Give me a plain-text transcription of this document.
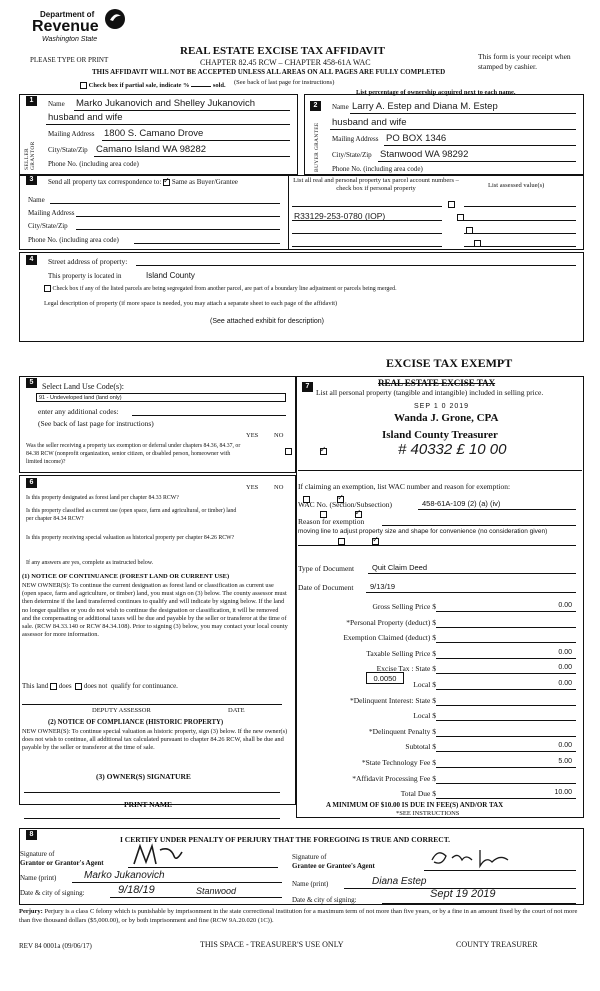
Department of
Revenue
Washington State
PLEASE TYPE OR PRINT
REAL ESTATE EXCISE TAX AFFIDAVIT
CHAPTER 82.45 RCW – CHAPTER 458-61A WAC
THIS AFFIDAVIT WILL NOT BE ACCEPTED UNLESS ALL AREAS ON ALL PAGES ARE FULLY COMPLETED
This form is your receipt when stamped by cashier.
Check box if partial sale, indicate %	sold. (See back of last page for instructions)
List percentage of ownership acquired next to each name.
1
SELLER GRANTOR
Name Marko Jukanovich and Shelley Jukanovich
husband and wife
Mailing Address 1800 S. Camano Drove
City/State/Zip Camano Island WA 98282
Phone No. (including area code)
2
BUYER GRANTEE
Name Larry A. Estep and Diana M. Estep
husband and wife
Mailing Address PO BOX 1346
City/State/Zip Stanwood WA 98292
Phone No. (including area code)
3	Send all property tax correspondence to: ✓ Same as Buyer/Grantee
Name
Mailing Address
City/State/Zip
Phone No. (including area code)
List all real and personal property tax parcel account numbers – check box if personal property	List assessed value(s)
R33129-253-0780 (IOP)

4	Street address of property:
This property is located in	Island County
Check box if any of the listed parcels are being segregated from another parcel, are part of a boundary line adjustment or parcels being merged.
Legal description of property (if more space is needed, you may attach a separate sheet to each page of the affidavit)
(See attached exhibit for description)
EXCISE TAX EXEMPT
REAL ESTATE EXCISE TAX
SEP 1 0 2019
Wanda J. Grone, CPA
Island County Treasurer
# 40332 £ 10 00
5	Select Land Use Code(s):
91 - Undeveloped land (land only)
enter any additional codes:
(See back of last page for instructions)
YES NO
Was the seller receiving a property tax exemption or deferral under chapters 84.36, 84.37, or 84.38 RCW (nonprofit organization, senior citizen, or disabled person, homeowner with limited income)?
✓
6
YES NO
Is this property designated as forest land per chapter 84.33 RCW?
✓
Is this property classified as current use (open space, farm and agricultural, or timber) land per chapter 84.34 RCW?
✓
Is this property receiving special valuation as historical property per chapter 84.26 RCW?
✓
If any answers are yes, complete as instructed below.
(1) NOTICE OF CONTINUANCE (FOREST LAND OR CURRENT USE)
NEW OWNER(S): To continue the current designation as forest land or classification as current use (open space, farm and agriculture, or timber) land, you must sign on (3) below. The county assessor must then determine if the land transferred continues to qualify and will indicate by signing below. If the land no longer qualifies or you do not wish to continue the designation or classification, it will be removed and the compensating or additional taxes will be due and payable by the seller or transferor at the time of sale. (RCW 84.33.140 or RCW 84.34.108). Prior to signing (3) below, you may contact your local county assessor for more information.
This land does does not qualify for continuance.
DEPUTY ASSESSOR	DATE
(2) NOTICE OF COMPLIANCE (HISTORIC PROPERTY)
NEW OWNER(S): To continue special valuation as historic property, sign (3) below. If the new owner(s) does not wish to continue, all additional tax calculated pursuant to chapter 84.26 RCW, shall be due and payable by the seller or transferor at the time of sale.
(3) OWNER(S) SIGNATURE
PRINT NAME
7
List all personal property (tangible and intangible) included in selling price.
If claiming an exemption, list WAC number and reason for exemption:
WAC No. (Section/Subsection)	458-61A-109 (2) (a) (iv)
Reason for exemption
moving line to adjust property size and shape for convenience (no consideration given)
Type of Document Quit Claim Deed
Date of Document 9/13/19
Gross Selling Price $	0.00
*Personal Property (deduct) $
Exemption Claimed (deduct) $
Taxable Selling Price $	0.00
Excise Tax : State $	0.00
Local $	0.00
*Delinquent Interest: State $
Local $
*Delinquent Penalty $
Subtotal $	0.00
*State Technology Fee $	5.00
*Affidavit Processing Fee $
Total Due $	10.00
0.0050
A MINIMUM OF $10.00 IS DUE IN FEE(S) AND/OR TAX
*SEE INSTRUCTIONS
8
I CERTIFY UNDER PENALTY OF PERJURY THAT THE FOREGOING IS TRUE AND CORRECT.
Signature of
Grantor or Grantor's Agent
Name (print)	Marko Jukanovich
Date & city of signing:	9/18/19	Stanwood
Signature of
Grantee or Grantee's Agent
Name (print)	Diana Estep
Date & city of signing:	Sept 19 2019
Perjury: Perjury is a class C felony which is punishable by imprisonment in the state correctional institution for a maximum term of not more than five years, or by a fine in an amount fixed by the court of not more than five thousand dollars ($5,000.00), or by both imprisonment and fine (RCW 9A.20.020 (1C)).
REV 84 0001a (09/06/17)	THIS SPACE - TREASURER'S USE ONLY	COUNTY TREASURER
